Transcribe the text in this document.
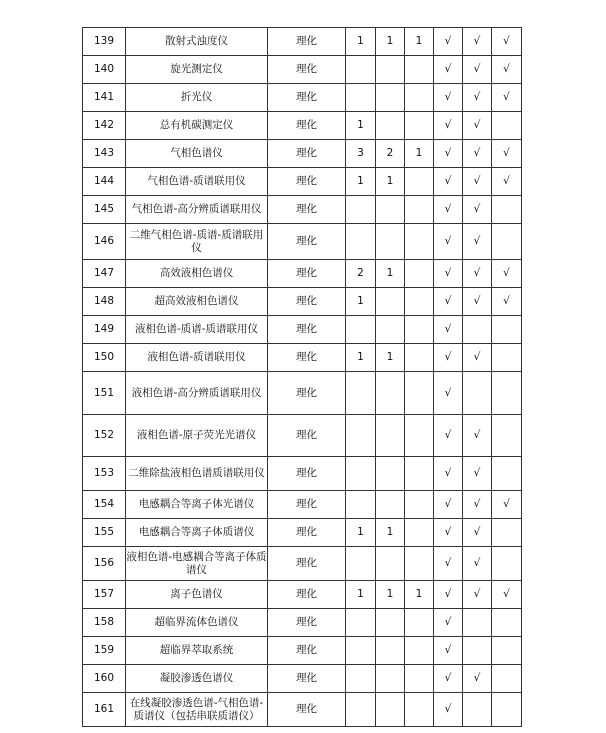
139	散射式浊度仪	理化	1	1	1	√	√	√
140	旋光测定仪	理化				√	√	√
141	折光仪	理化				√	√	√
142	总有机碳测定仪	理化	1			√	√	
143	气相色谱仪	理化	3	2	1	√	√	√
144	气相色谱-质谱联用仪	理化	1	1		√	√	√
145	气相色谱-高分辨质谱联用仪	理化				√	√	
146	二维气相色谱-质谱-质谱联用仪	理化				√	√	
147	高效液相色谱仪	理化	2	1		√	√	√
148	超高效液相色谱仪	理化	1			√	√	√
149	液相色谱-质谱-质谱联用仪	理化				√		
150	液相色谱-质谱联用仪	理化	1	1		√	√	
151	液相色谱-高分辨质谱联用仪	理化				√		
152	液相色谱-原子荧光光谱仪	理化				√	√	
153	二维除盐液相色谱质谱联用仪	理化				√	√	
154	电感耦合等离子体光谱仪	理化				√	√	√
155	电感耦合等离子体质谱仪	理化	1	1		√	√	
156	液相色谱-电感耦合等离子体质谱仪	理化				√	√	
157	离子色谱仪	理化	1	1	1	√	√	√
158	超临界流体色谱仪	理化				√		
159	超临界萃取系统	理化				√		
160	凝胶渗透色谱仪	理化				√	√	
161	在线凝胶渗透色谱-气相色谱-质谱仪（包括串联质谱仪）	理化				√		
